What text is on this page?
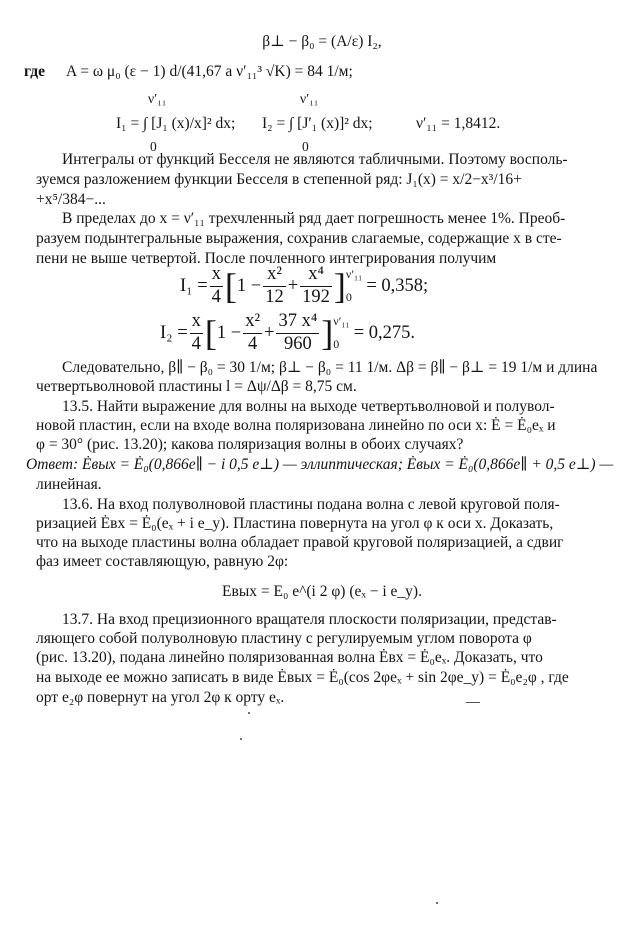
β⊥ − β₀ = (A/ε) I₂,
где A = ω μ₀ (ε − 1) d/(41,67 a ν′₁₁³ √K) = 84 1/м;
ν′₁₁	ν′₁₁
I₁ = ∫ [J₁ (x)/x]² dx; I₂ = ∫ [J′₁ (x)]² dx;	ν′₁₁ = 1,8412.
0	0
Интегралы от функций Бесселя не являются табличными. Поэтому восполь-
зуемся разложением функции Бесселя в степенной ряд: J₁(x) = x/2−x³/16+
+x⁵/384−...
В пределах до x = ν′₁₁ трехчленный ряд дает погрешность менее 1%. Преоб-
разуем подынтегральные выражения, сохранив слагаемые, содержащие x в сте-
пени не выше четвертой. После почленного интегрирования получим
$I_1 = \frac{x}{4}$ [ $1 - \frac{\text{x²}}{12} + \frac{\text{x⁴}}{192}$ ] ν′₁₁
0
= 0,358;
$I_2 = \frac{x}{4}$ [ $1 - \frac{\text{x²}}{4} + \frac{\text{37 x⁴}}{960}$ ] ν′₁₁
0
= 0,275.
Следовательно, β∥ − β₀ = 30 1/м; β⊥ − β₀ = 11 1/м. Δβ = β∥ − β⊥ = 19 1/м и длина
четвертьволновой пластины l = Δψ/Δβ = 8,75 см.
13.5. Найти выражение для волны на выходе четвертьволновой и полувол-
новой пластин, если на входе волна поляризована линейно по оси x: Ė = Ė₀eₓ и
φ = 30° (рис. 13.20); какова поляризация волны в обоих случаях?
Ответ: Ėвых = Ė₀(0,866e∥ − i 0,5 e⊥) — эллиптическая; Ėвых = Ė₀(0,866e∥ + 0,5 e⊥) —
линейная.
13.6. На вход полуволновой пластины подана волна с левой круговой поля-
ризацией Ėвх = Ė₀(eₓ + i e_y). Пластина повернута на угол φ к оси x. Доказать,
что на выходе пластины волна обладает правой круговой поляризацией, а сдвиг
фаз имеет составляющую, равную 2φ:
Eвых = E₀ e^(i 2 φ) (eₓ − i e_y).
13.7. На вход прецизионного вращателя плоскости поляризации, представ-
ляющего собой полуволновую пластину с регулируемым углом поворота φ
(рис. 13.20), подана линейно поляризованная волна Ėвх = Ė₀eₓ. Доказать, что
на выходе ее можно записать в виде Ėвых = Ė₀(cos 2φeₓ + sin 2φe_y) = Ė₀e₂φ , где
орт e₂φ повернут на угол 2φ к орту eₓ.
